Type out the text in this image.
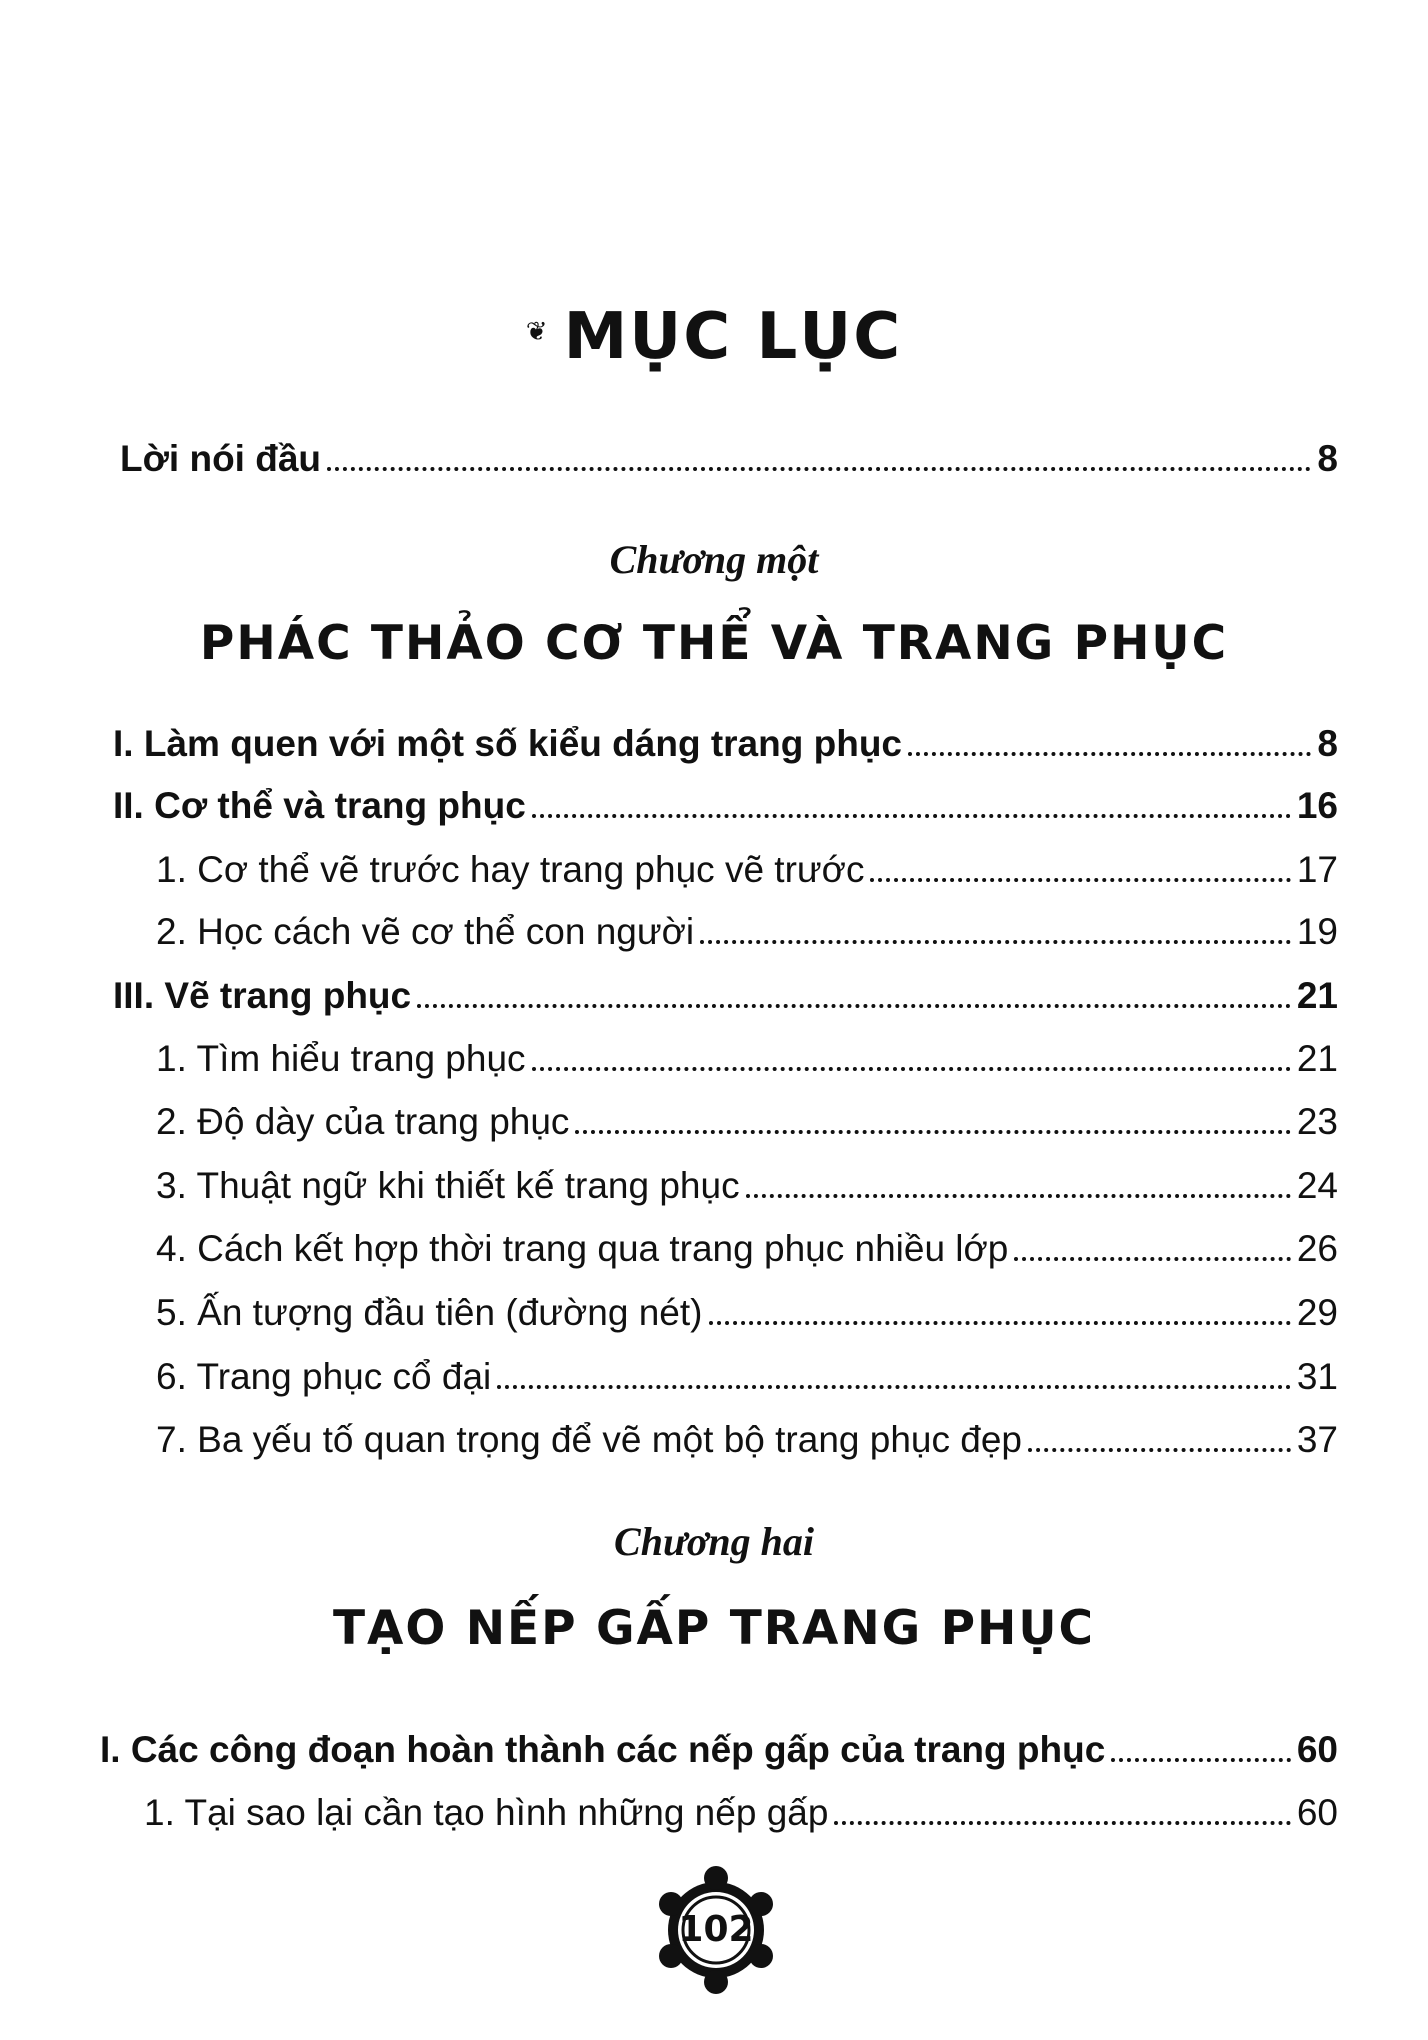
❦ MỤC LỤC
Lời nói đầu	8
Chương một
PHÁC THẢO CƠ THỂ VÀ TRANG PHỤC
I. Làm quen với một số kiểu dáng trang phục	8
II. Cơ thể và trang phục	16
1. Cơ thể vẽ trước hay trang phục vẽ trước	17
2. Học cách vẽ cơ thể con người	19
III. Vẽ trang phục	21
1. Tìm hiểu trang phục	21
2. Độ dày của trang phục	23
3. Thuật ngữ khi thiết kế trang phục	24
4. Cách kết hợp thời trang qua trang phục nhiều lớp	26
5. Ấn tượng đầu tiên (đường nét)	29
6. Trang phục cổ đại	31
7. Ba yếu tố quan trọng để vẽ một bộ trang phục đẹp	37
Chương hai
TẠO NẾP GẤP TRANG PHỤC
I. Các công đoạn hoàn thành các nếp gấp của trang phục	60
1. Tại sao lại cần tạo hình những nếp gấp	60
102
